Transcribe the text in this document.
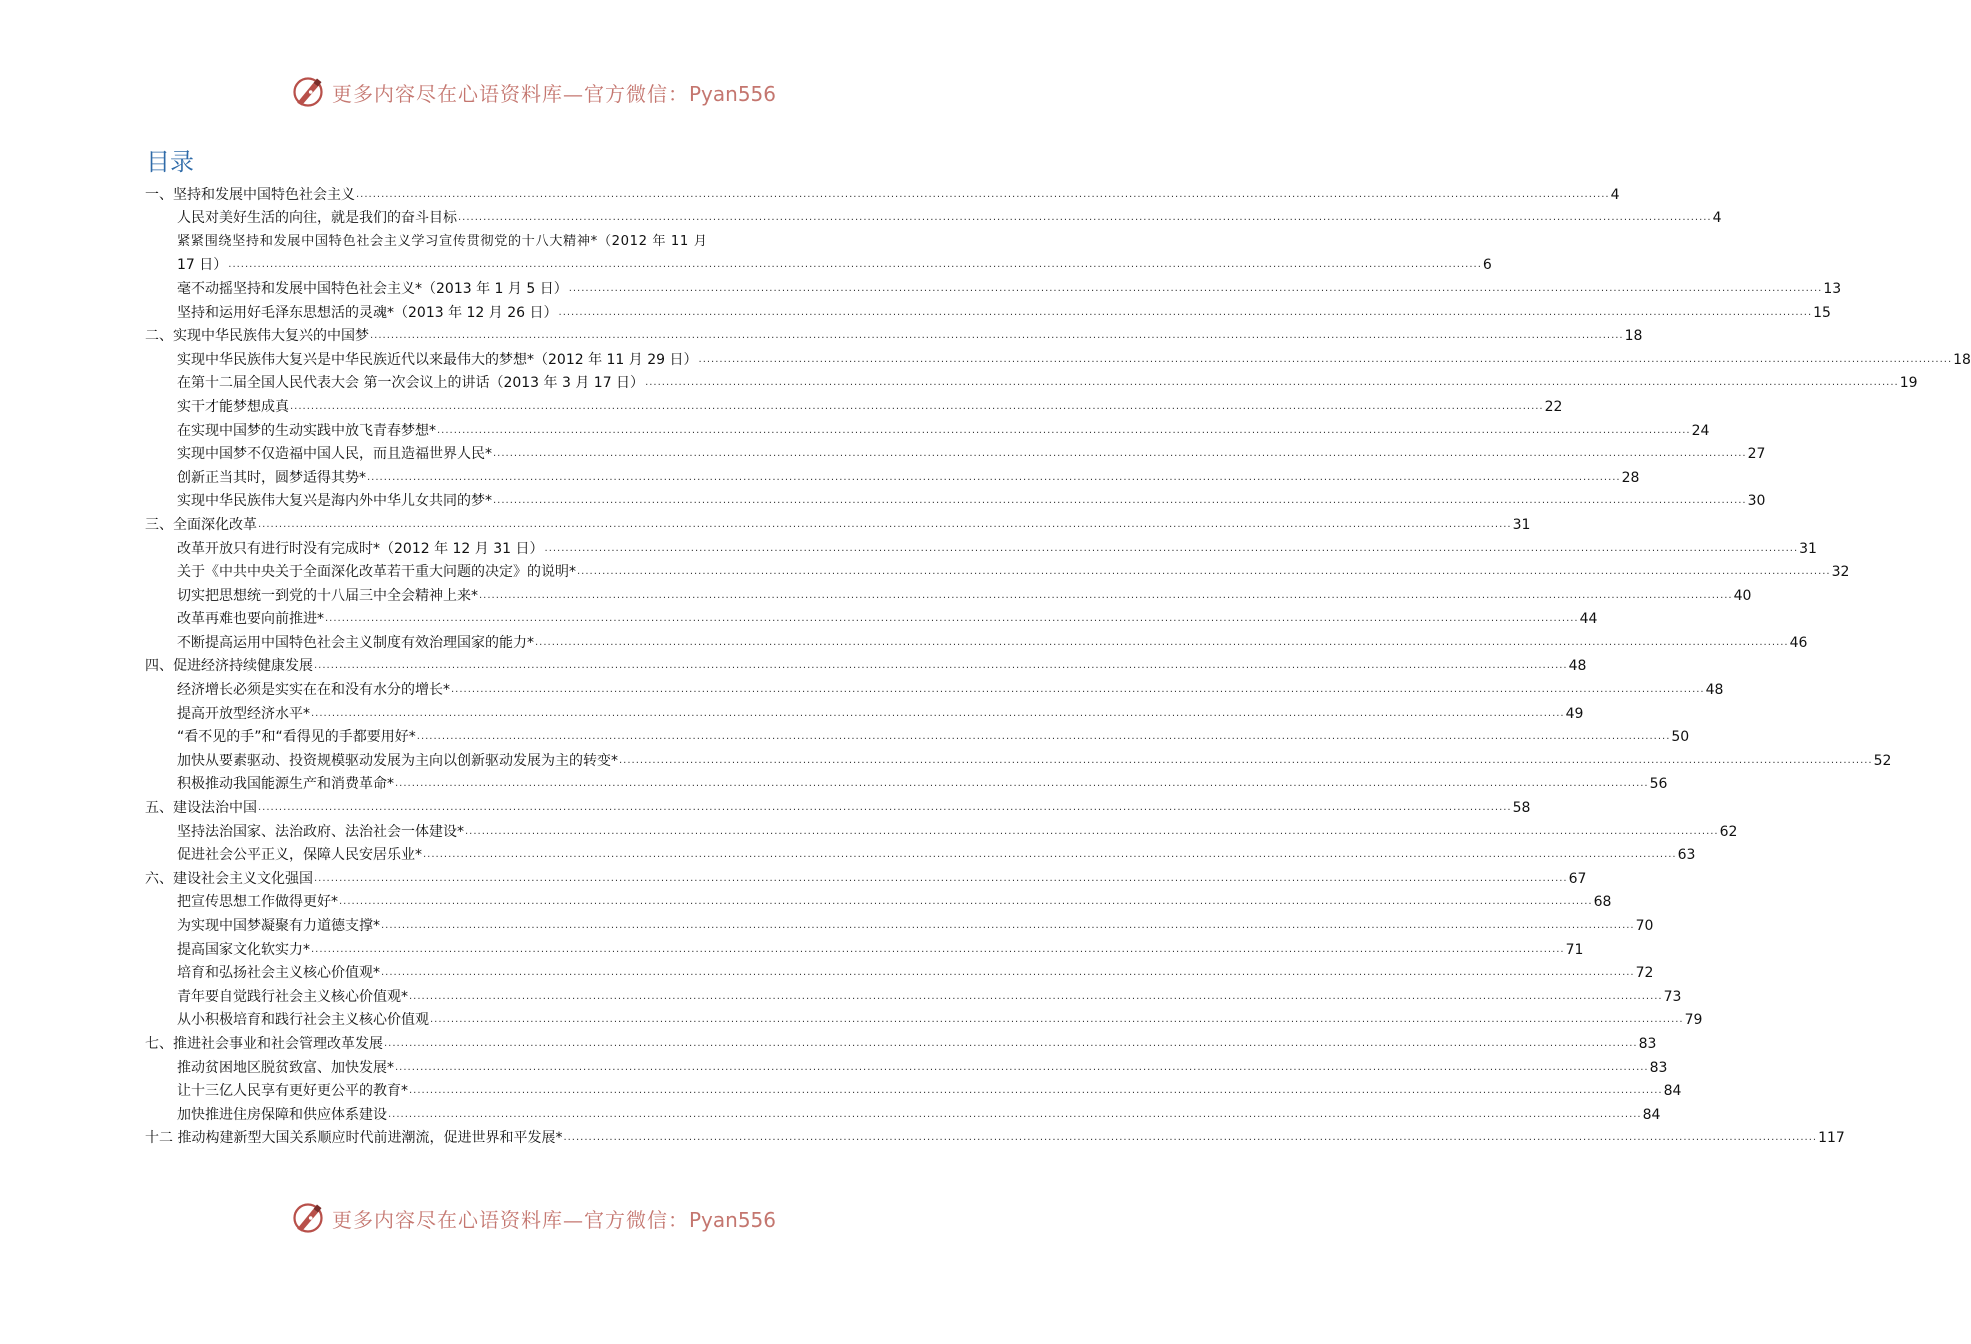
更多内容尽在心语资料库—官方微信：Pyan556
目录
一、坚持和发展中国特色社会主义 ............................................................................................................................................................................................................................................................................................................ 4
人民对美好生活的向往，就是我们的奋斗目标 ............................................................................................................................................................................................................................................................................................................ 4
紧紧围绕坚持和发展中国特色社会主义学习宣传贯彻党的十八大精神*（2012 年 11 月
17 日） ............................................................................................................................................................................................................................................................................................................ 6
毫不动摇坚持和发展中国特色社会主义*（2013 年 1 月 5 日） ............................................................................................................................................................................................................................................................................................................ 13
坚持和运用好毛泽东思想活的灵魂*（2013 年 12 月 26 日） ............................................................................................................................................................................................................................................................................................................ 15
二、实现中华民族伟大复兴的中国梦 ............................................................................................................................................................................................................................................................................................................ 18
实现中华民族伟大复兴是中华民族近代以来最伟大的梦想*（2012 年 11 月 29 日） ............................................................................................................................................................................................................................................................................................................ 18
在第十二届全国人民代表大会 第一次会议上的讲话（2013 年 3 月 17 日） ............................................................................................................................................................................................................................................................................................................ 19
实干才能梦想成真 ............................................................................................................................................................................................................................................................................................................ 22
在实现中国梦的生动实践中放飞青春梦想* ............................................................................................................................................................................................................................................................................................................ 24
实现中国梦不仅造福中国人民，而且造福世界人民* ............................................................................................................................................................................................................................................................................................................ 27
创新正当其时，圆梦适得其势* ............................................................................................................................................................................................................................................................................................................ 28
实现中华民族伟大复兴是海内外中华儿女共同的梦* ............................................................................................................................................................................................................................................................................................................ 30
三、全面深化改革 ............................................................................................................................................................................................................................................................................................................ 31
改革开放只有进行时没有完成时*（2012 年 12 月 31 日） ............................................................................................................................................................................................................................................................................................................ 31
关于《中共中央关于全面深化改革若干重大问题的决定》的说明* ............................................................................................................................................................................................................................................................................................................ 32
切实把思想统一到党的十八届三中全会精神上来* ............................................................................................................................................................................................................................................................................................................ 40
改革再难也要向前推进* ............................................................................................................................................................................................................................................................................................................ 44
不断提高运用中国特色社会主义制度有效治理国家的能力* ............................................................................................................................................................................................................................................................................................................ 46
四、促进经济持续健康发展 ............................................................................................................................................................................................................................................................................................................ 48
经济增长必须是实实在在和没有水分的增长* ............................................................................................................................................................................................................................................................................................................ 48
提高开放型经济水平* ............................................................................................................................................................................................................................................................................................................ 49
“看不见的手”和“看得见的手都要用好* ............................................................................................................................................................................................................................................................................................................ 50
加快从要素驱动、投资规模驱动发展为主向以创新驱动发展为主的转变* ............................................................................................................................................................................................................................................................................................................ 52
积极推动我国能源生产和消费革命* ............................................................................................................................................................................................................................................................................................................ 56
五、建设法治中国 ............................................................................................................................................................................................................................................................................................................ 58
坚持法治国家、法治政府、法治社会一体建设* ............................................................................................................................................................................................................................................................................................................ 62
促进社会公平正义，保障人民安居乐业* ............................................................................................................................................................................................................................................................................................................ 63
六、建设社会主义文化强国 ............................................................................................................................................................................................................................................................................................................ 67
把宣传思想工作做得更好* ............................................................................................................................................................................................................................................................................................................ 68
为实现中国梦凝聚有力道德支撑* ............................................................................................................................................................................................................................................................................................................ 70
提高国家文化软实力* ............................................................................................................................................................................................................................................................................................................ 71
培育和弘扬社会主义核心价值观* ............................................................................................................................................................................................................................................................................................................ 72
青年要自觉践行社会主义核心价值观* ............................................................................................................................................................................................................................................................................................................ 73
从小积极培育和践行社会主义核心价值观 ............................................................................................................................................................................................................................................................................................................ 79
七、推进社会事业和社会管理改革发展 ............................................................................................................................................................................................................................................................................................................ 83
推动贫困地区脱贫致富、加快发展* ............................................................................................................................................................................................................................................................................................................ 83
让十三亿人民享有更好更公平的教育* ............................................................................................................................................................................................................................................................................................................ 84
加快推进住房保障和供应体系建设 ............................................................................................................................................................................................................................................................................................................ 84
十二 推动构建新型大国关系顺应时代前进潮流，促进世界和平发展* ............................................................................................................................................................................................................................................................................................................ 117
更多内容尽在心语资料库—官方微信：Pyan556
